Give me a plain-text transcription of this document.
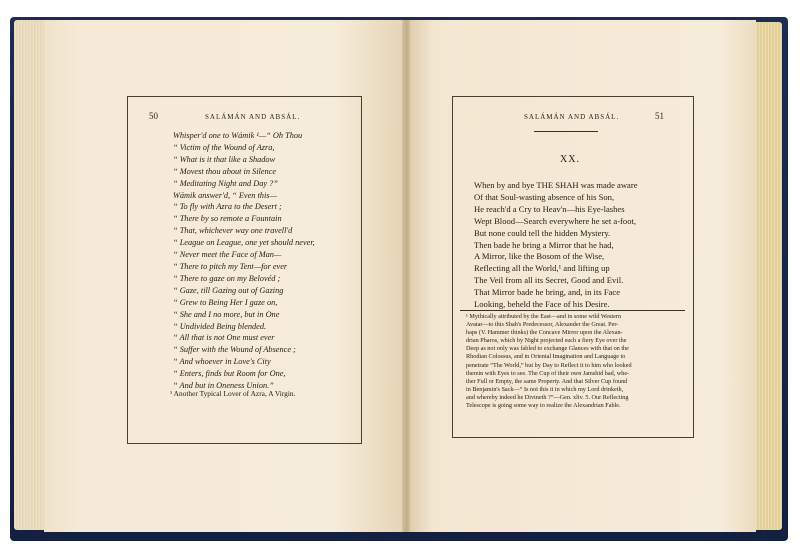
50	SALÁMÁN AND ABSÁL.
Whisper'd one to Wámik ¹—“ Oh Thou
“ Victim of the Wound of Azra,
“ What is it that like a Shadow
“ Movest thou about in Silence
“ Meditating Night and Day ?”
Wámik answer'd, “ Even this—
“ To fly with Azra to the Desert ;
“ There by so remote a Fountain
“ That, whichever way one travell'd
“ League on League, one yet should never,
“ Never meet the Face of Man—
“ There to pitch my Tent—for ever
“ There to gaze on my Belovéd ;
“ Gaze, till Gazing out of Gazing
“ Grew to Being Her I gaze on,
“ She and I no more, but in One
“ Undivided Being blended.
“ All that is not One must ever
“ Suffer with the Wound of Absence ;
“ And whoever in Love's City
“ Enters, finds but Room for One,
“ And but in Oneness Union.”
¹ Another Typical Lover of Azra, A Virgin.
SALÁMÁN AND ABSÁL.	51
XX.
When by and bye THE SHAH was made aware
Of that Soul-wasting absence of his Son,
He reach'd a Cry to Heav'n—his Eye-lashes
Wept Blood—Search everywhere he set a-foot,
But none could tell the hidden Mystery.
Then bade he bring a Mirror that he had,
A Mirror, like the Bosom of the Wise,
Reflecting all the World,¹ and lifting up
The Veil from all its Secret, Good and Evil.
That Mirror bade he bring, and, in its Face
Looking, beheld the Face of his Desire.
¹ Mythically attributed by the East—and in some wild Western
Avatar—to this Shah's Predecessor, Alexander the Great. Per-
haps (V. Hammer thinks) the Concave Mirror upon the Alexan-
drian Pharos, which by Night projected such a fiery Eye over the
Deep as not only was fabled to exchange Glances with that on the
Rhodian Colossus, and in Oriental Imagination and Language to
penetrate “The World,” but by Day to Reflect it to him who looked
therein with Eyes to see. The Cup of their own Jamshid had, whe-
ther Full or Empty, the same Property. And that Silver Cup found
in Benjamin's Sack—“ Is not this it in which my Lord drinketh,
and whereby indeed he Divineth ?”—Gen. xliv. 5. Our Reflecting
Telescope is going some way to realize the Alexandrian Fable.
